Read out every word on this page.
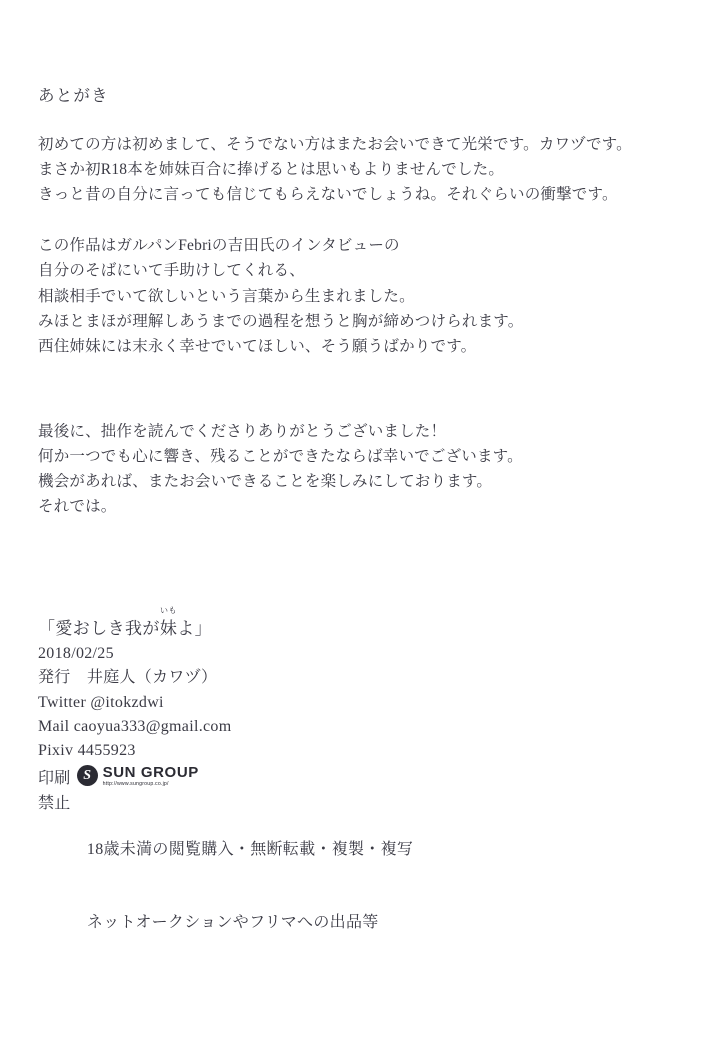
あとがき
初めての方は初めまして、そうでない方はまたお会いできて光栄です。カワヅです。
まさか初R18本を姉妹百合に捧げるとは思いもよりませんでした。
きっと昔の自分に言っても信じてもらえないでしょうね。それぐらいの衝撃です。
この作品はガルパンFebriの吉田氏のインタビューの
自分のそばにいて手助けしてくれる、
相談相手でいて欲しいという言葉から生まれました。
みほとまほが理解しあうまでの過程を想うと胸が締めつけられます。
西住姉妹には末永く幸せでいてほしい、そう願うばかりです。
最後に、拙作を読んでくださりありがとうございました！
何か一つでも心に響き、残ることができたならば幸いでございます。
機会があれば、またお会いできることを楽しみにしております。
それでは。
「愛おしき我が
いも
妹よ」
2018/02/25
発行　井庭人（カワヅ）
Twitter @itokzdwi
Mail caoyua333@gmail.com
Pixiv 4455923
印刷 S SUN GROUP
http://www.sungroup.co.jp/
禁止　

18歳未満の閲覧購入・無断転載・複製・複写

ネットオークションやフリマへの出品等
